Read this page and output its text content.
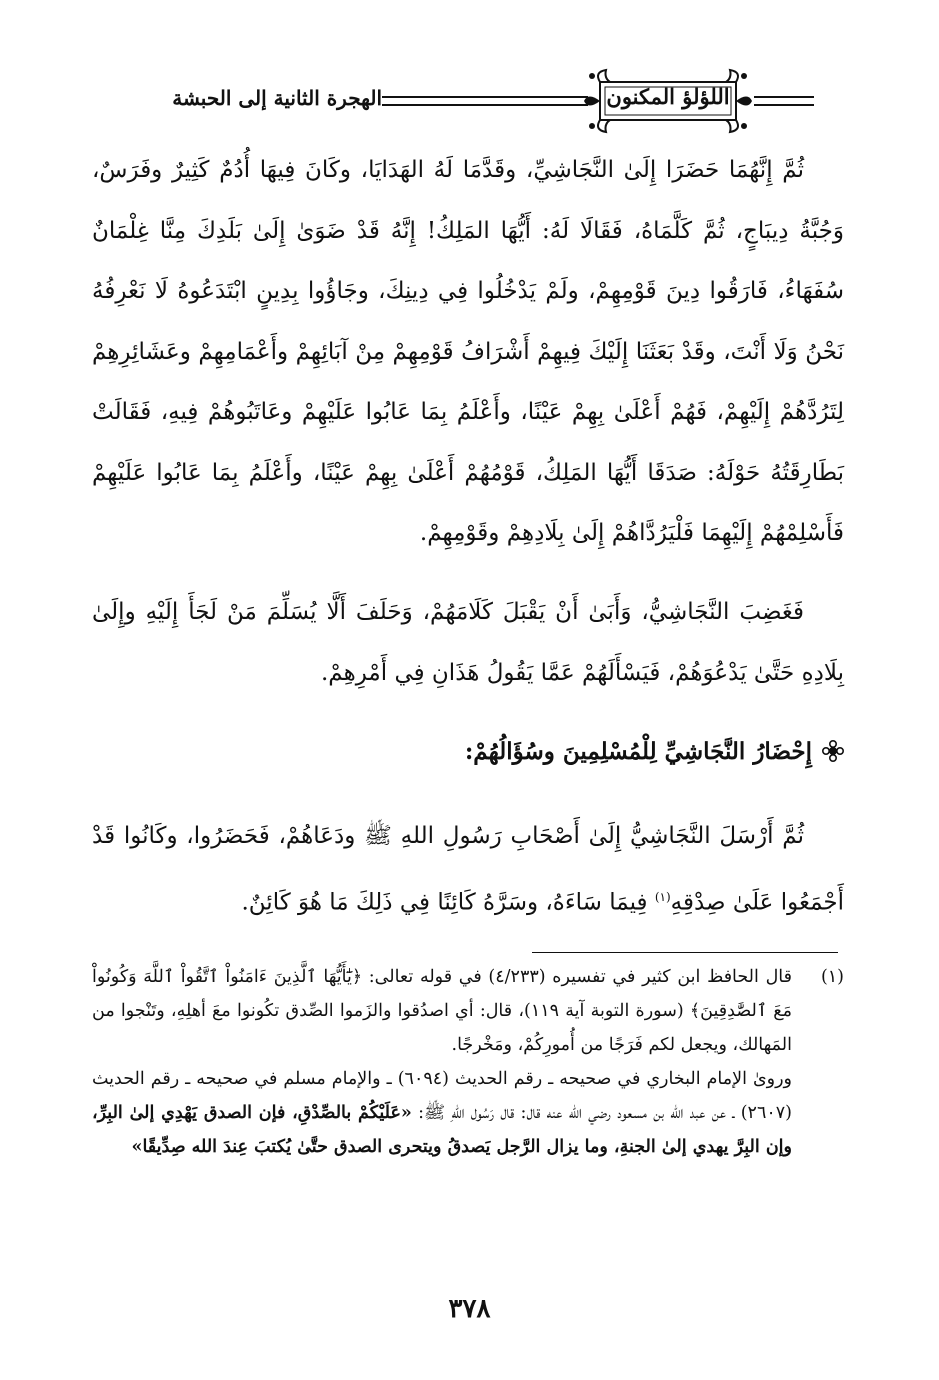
الهجرة الثانية إلى الحبشة	اللؤلؤ المكنون

ثُمَّ إِنَّهُمَا حَضَرَا إِلَىٰ النَّجَاشِيِّ، وقَدَّمَا لَهُ الهَدَايَا، وكَانَ فِيهَا أُدُمٌ كَثِيرٌ وفَرَسٌ، وَجُبَّةُ دِيبَاجٍ، ثُمَّ كَلَّمَاهُ، فَقَالَا لَهُ: أَيُّهَا المَلِكُ! إِنَّهُ قَدْ ضَوَىٰ إِلَىٰ بَلَدِكَ مِنَّا غِلْمَانٌ سُفَهَاءُ، فَارَقُوا دِينَ قَوْمِهِمْ، ولَمْ يَدْخُلُوا فِي دِينِكَ، وجَاؤُوا بِدِينٍ ابْتَدَعُوهُ لَا نَعْرِفُهُ نَحْنُ وَلَا أَنْتَ، وقَدْ بَعَثَنَا إِلَيْكَ فِيهِمْ أَشْرَافُ قَوْمِهِمْ مِنْ آبَائِهِمْ وأَعْمَامِهِمْ وعَشَائِرِهِمْ لِتَرُدَّهُمْ إِلَيْهِمْ، فَهُمْ أَعْلَىٰ بِهِمْ عَيْنًا، وأَعْلَمُ بِمَا عَابُوا عَلَيْهِمْ وعَاتَبُوهُمْ فِيهِ، فَقَالَتْ بَطَارِقَتُهُ حَوْلَهُ: صَدَقَا أَيُّهَا المَلِكُ، قَوْمُهُمْ أَعْلَىٰ بِهِمْ عَيْنًا، وأَعْلَمُ بِمَا عَابُوا عَلَيْهِمْ فَأَسْلِمْهُمْ إِلَيْهِمَا فَلْيَرُدَّاهُمْ إِلَىٰ بِلَادِهِمْ وقَوْمِهِمْ.

فَغَضِبَ النَّجَاشِيُّ، وَأَبَىٰ أَنْ يَقْبَلَ كَلَامَهُمْ، وَحَلَفَ أَلَّا يُسَلِّمَ مَنْ لَجَأَ إِلَيْهِ وإِلَىٰ بِلَادِهِ حَتَّىٰ يَدْعُوَهُمْ، فَيَسْأَلَهُمْ عَمَّا يَقُولُ هَذَانِ فِي أَمْرِهِمْ.

إِحْضَارُ النَّجَاشِيِّ لِلْمُسْلِمِينَ وسُؤَالُهُمْ:

ثُمَّ أَرْسَلَ النَّجَاشِيُّ إِلَىٰ أَصْحَابِ رَسُولِ اللهِ ﷺ ودَعَاهُمْ، فَحَضَرُوا، وكَانُوا قَدْ أَجْمَعُوا عَلَىٰ صِدْقِهِ$^{(١)}$ فِيمَا سَاءَهُ، وسَرَّهُ كَائِنًا فِي ذَلِكَ مَا هُوَ كَائِنٌ.

(١)

قال الحافظ ابن كثير في تفسيره (٤/٢٣٣) في قوله تعالى: ﴿يَٰٓأَيُّهَا ٱلَّذِينَ ءَامَنُواْ ٱتَّقُواْ ٱللَّهَ وَكُونُواْ مَعَ ٱلصَّٰدِقِينَ﴾ (سورة التوبة آية ١١٩)، قال: أي اصدُقوا والزَموا الصِّدق تكُونوا معَ أهلِهِ، وتَنْجوا من المَهالك، ويجعل لكم فَرَجًا من أُمورِكُمْ، ومَخْرجًا.

وروىٰ الإمام البخاري في صحيحه ـ رقم الحديث (٦٠٩٤) ـ والإمام مسلم في صحيحه ـ رقم الحديث (٢٦٠٧) ـ عن عبد الله بن مسعود رضي الله عنه قال: قال رَسُول اللهِ ﷺ: «عَلَيْكُمْ بالصِّدْقِ، فإن الصدق يَهْدِي إلىٰ البِرِّ، وإن البِرَّ يهدي إلىٰ الجنةِ، وما يزال الرَّجل يَصدقُ ويتحرى الصدق حتَّىٰ يُكتبَ عِندَ الله صِدِّيقًا»

٣٧٨
